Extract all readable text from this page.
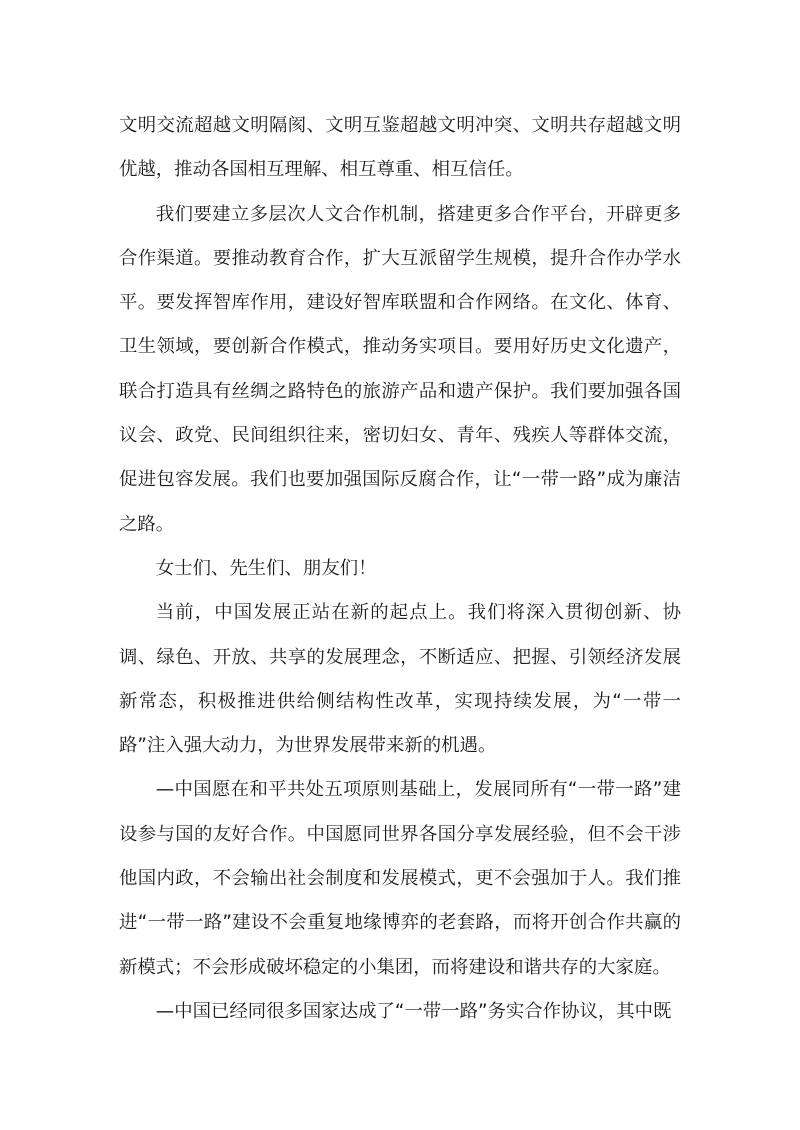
文明交流超越文明隔阂、文明互鉴超越文明冲突、文明共存超越文明优越，推动各国相互理解、相互尊重、相互信任。

我们要建立多层次人文合作机制，搭建更多合作平台，开辟更多合作渠道。要推动教育合作，扩大互派留学生规模，提升合作办学水平。要发挥智库作用，建设好智库联盟和合作网络。在文化、体育、卫生领域，要创新合作模式，推动务实项目。要用好历史文化遗产，联合打造具有丝绸之路特色的旅游产品和遗产保护。我们要加强各国议会、政党、民间组织往来，密切妇女、青年、残疾人等群体交流，促进包容发展。我们也要加强国际反腐合作，让“一带一路”成为廉洁之路。

女士们、先生们、朋友们！

当前，中国发展正站在新的起点上。我们将深入贯彻创新、协调、绿色、开放、共享的发展理念，不断适应、把握、引领经济发展新常态，积极推进供给侧结构性改革，实现持续发展，为“一带一路”注入强大动力，为世界发展带来新的机遇。

—中国愿在和平共处五项原则基础上，发展同所有“一带一路”建设参与国的友好合作。中国愿同世界各国分享发展经验，但不会干涉他国内政，不会输出社会制度和发展模式，更不会强加于人。我们推进“一带一路”建设不会重复地缘博弈的老套路，而将开创合作共赢的新模式；不会形成破坏稳定的小集团，而将建设和谐共存的大家庭。

—中国已经同很多国家达成了“一带一路”务实合作协议，其中既
